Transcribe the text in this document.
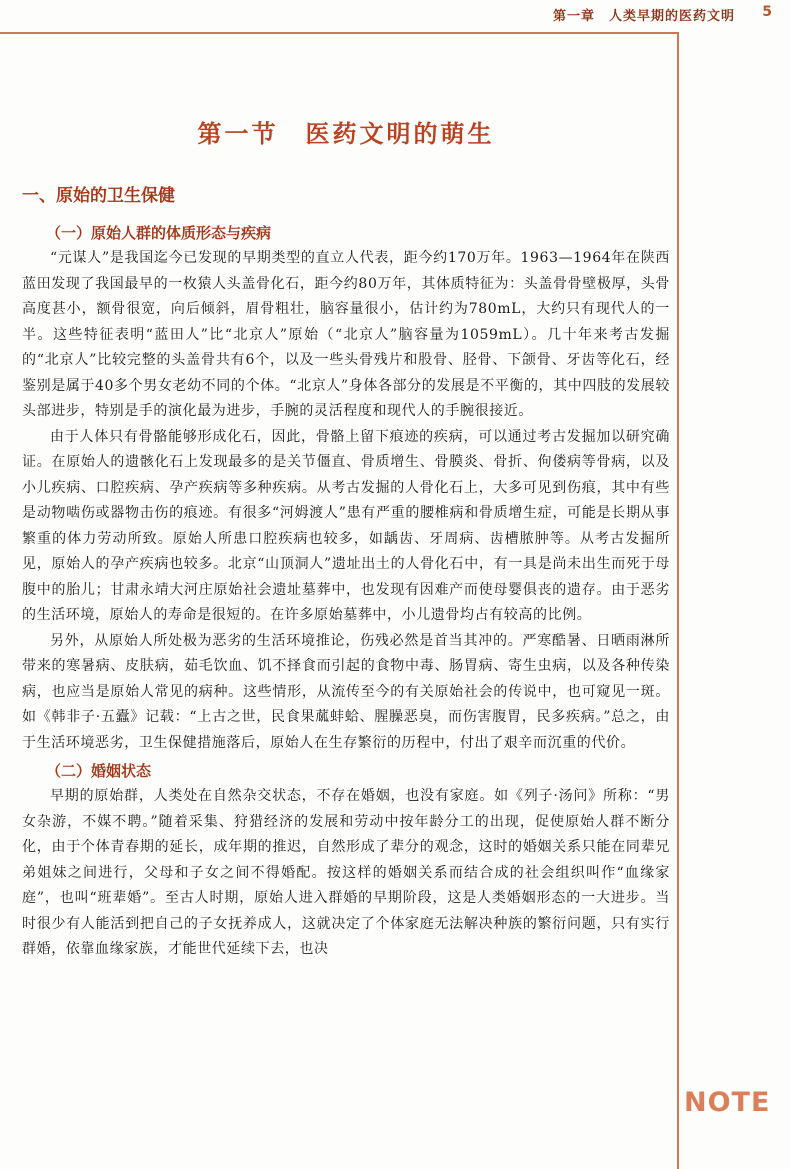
第一章　人类早期的医药文明 5
第一节　医药文明的萌生
一、原始的卫生保健
（一）原始人群的体质形态与疾病

“元谋人”是我国迄今已发现的早期类型的直立人代表，距今约170万年。1963—1964年在陕西蓝田发现了我国最早的一枚猿人头盖骨化石，距今约80万年，其体质特征为：头盖骨骨壁极厚，头骨高度甚小，额骨很宽，向后倾斜，眉骨粗壮，脑容量很小，估计约为780mL，大约只有现代人的一半。这些特征表明“蓝田人”比“北京人”原始（“北京人”脑容量为1059mL）。几十年来考古发掘的“北京人”比较完整的头盖骨共有6个，以及一些头骨残片和股骨、胫骨、下颌骨、牙齿等化石，经鉴别是属于40多个男女老幼不同的个体。“北京人”身体各部分的发展是不平衡的，其中四肢的发展较头部进步，特别是手的演化最为进步，手腕的灵活程度和现代人的手腕很接近。

由于人体只有骨骼能够形成化石，因此，骨骼上留下痕迹的疾病，可以通过考古发掘加以研究确证。在原始人的遗骸化石上发现最多的是关节僵直、骨质增生、骨膜炎、骨折、佝偻病等骨病，以及小儿疾病、口腔疾病、孕产疾病等多种疾病。从考古发掘的人骨化石上，大多可见到伤痕，其中有些是动物啮伤或器物击伤的痕迹。有很多“河姆渡人”患有严重的腰椎病和骨质增生症，可能是长期从事繁重的体力劳动所致。原始人所患口腔疾病也较多，如龋齿、牙周病、齿槽脓肿等。从考古发掘所见，原始人的孕产疾病也较多。北京“山顶洞人”遗址出土的人骨化石中，有一具是尚未出生而死于母腹中的胎儿；甘肃永靖大河庄原始社会遗址墓葬中，也发现有因难产而使母婴俱丧的遗存。由于恶劣的生活环境，原始人的寿命是很短的。在许多原始墓葬中，小儿遗骨均占有较高的比例。

另外，从原始人所处极为恶劣的生活环境推论，伤残必然是首当其冲的。严寒酷暑、日晒雨淋所带来的寒暑病、皮肤病，茹毛饮血、饥不择食而引起的食物中毒、肠胃病、寄生虫病，以及各种传染病，也应当是原始人常见的病种。这些情形，从流传至今的有关原始社会的传说中，也可窥见一斑。如《韩非子·五蠹》记载：“上古之世，民食果蓏蚌蛤、腥臊恶臭，而伤害腹胃，民多疾病。”总之，由于生活环境恶劣，卫生保健措施落后，原始人在生存繁衍的历程中，付出了艰辛而沉重的代价。

（二）婚姻状态

早期的原始群，人类处在自然杂交状态，不存在婚姻，也没有家庭。如《列子·汤问》所称：“男女杂游，不媒不聘。”随着采集、狩猎经济的发展和劳动中按年龄分工的出现，促使原始人群不断分化，由于个体青春期的延长，成年期的推迟，自然形成了辈分的观念，这时的婚姻关系只能在同辈兄弟姐妹之间进行，父母和子女之间不得婚配。按这样的婚姻关系而结合成的社会组织叫作“血缘家庭”，也叫“班辈婚”。至古人时期，原始人进入群婚的早期阶段，这是人类婚姻形态的一大进步。当时很少有人能活到把自己的子女抚养成人，这就决定了个体家庭无法解决种族的繁衍问题，只有实行群婚，依靠血缘家族，才能世代延续下去，也决

NOTE
